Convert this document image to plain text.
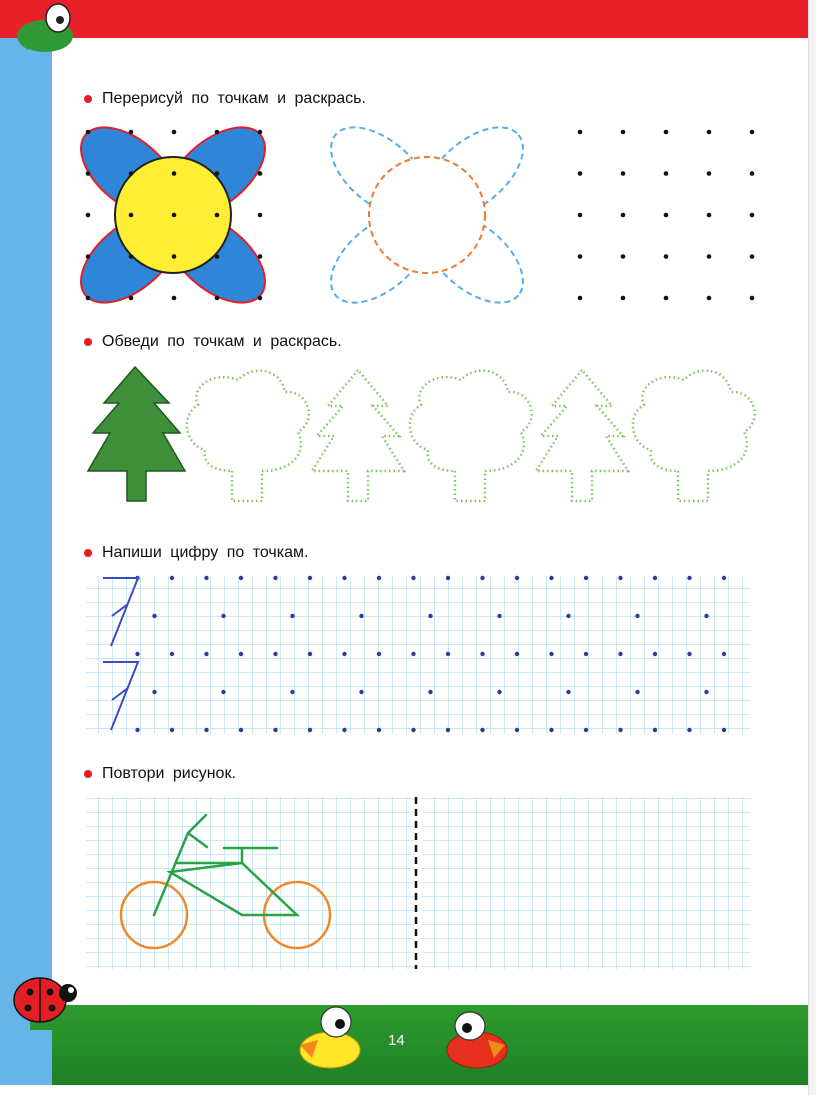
Перерисуй по точкам и раскрась.
Обведи по точкам и раскрась.
Напиши цифру по точкам.
Повтори рисунок.
14
